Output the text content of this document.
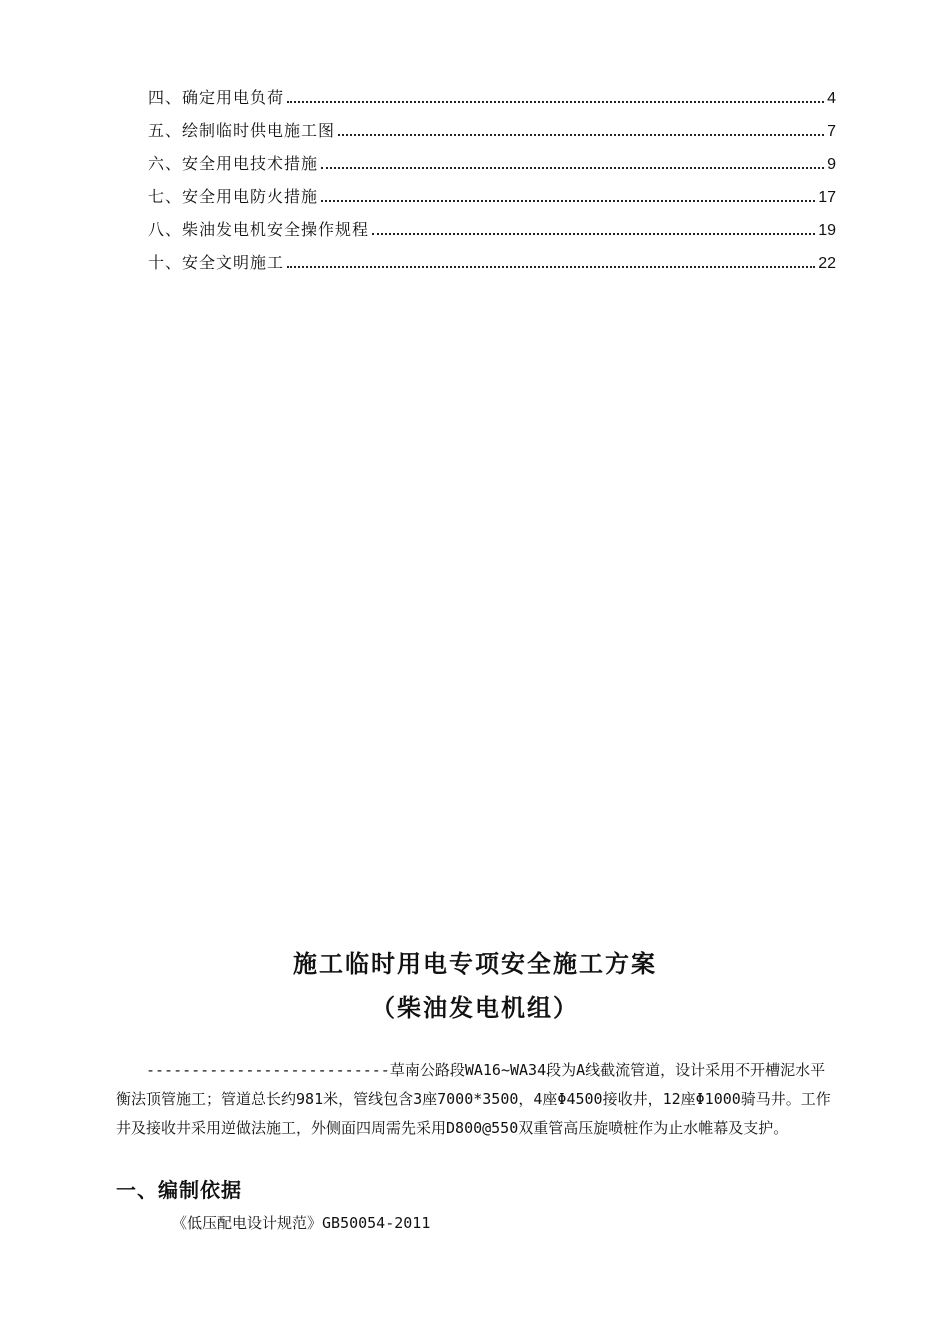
四、确定用电负荷	4
五、绘制临时供电施工图	7
六、安全用电技术措施	9
七、安全用电防火措施	17
八、柴油发电机安全操作规程	19
十、安全文明施工	22
施工临时用电专项安全施工方案
（柴油发电机组）

---------------------------草南公路段WA16~WA34段为A线截流管道，设计采用不开槽泥水平衡法顶管施工；管道总长约981米，管线包含3座7000*3500，4座Φ4500接收井，12座Φ1000骑马井。工作井及接收井采用逆做法施工，外侧面四周需先采用D800@550双重管高压旋喷桩作为止水帷幕及支护。

一、编制依据

《低压配电设计规范》GB50054-2011
